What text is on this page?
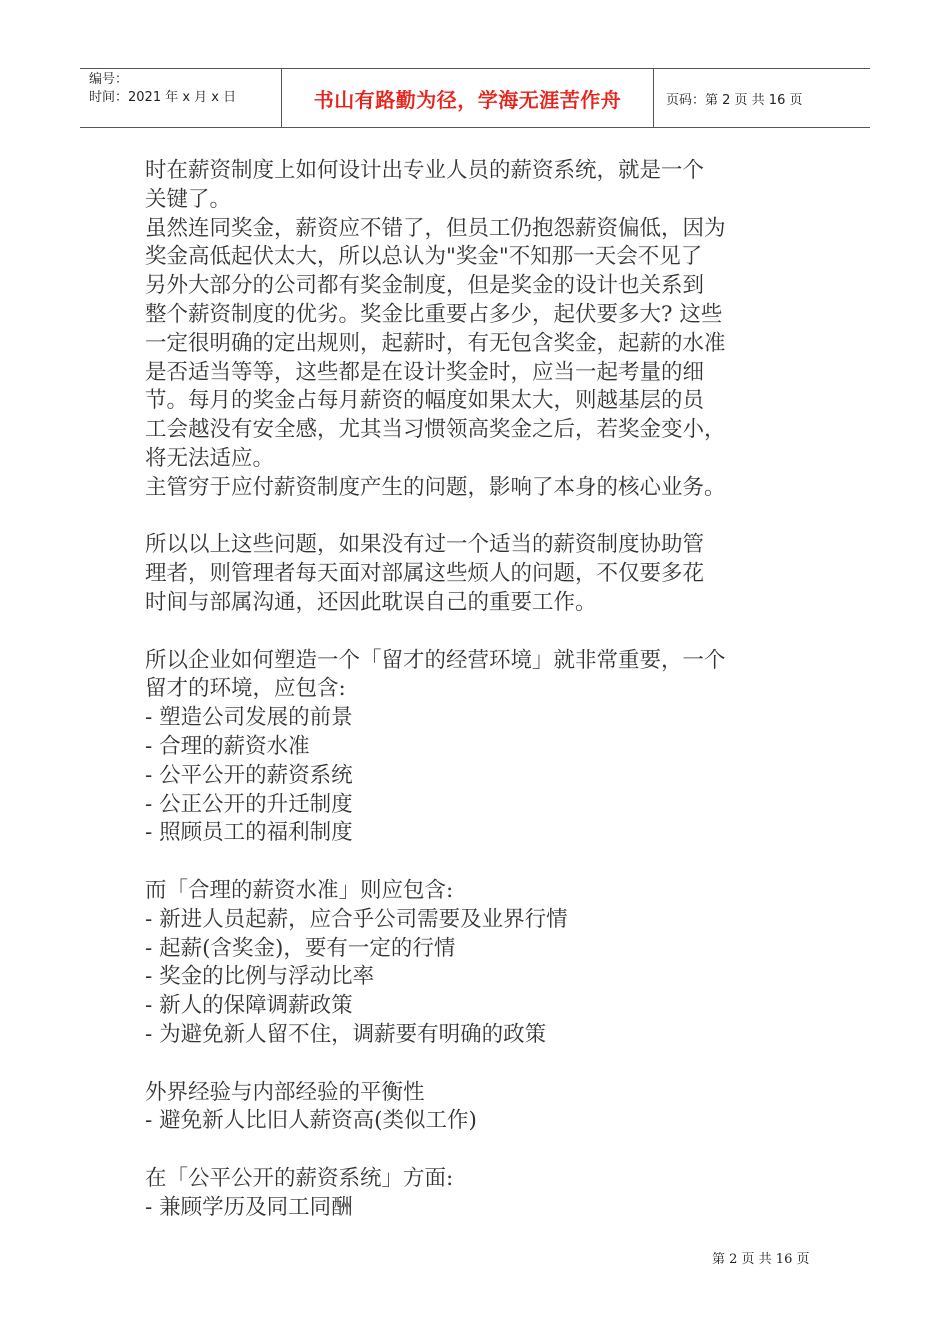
编号：
时间：2021 年 x 月 x 日	书山有路勤为径，学海无涯苦作舟	页码：第 2 页 共 16 页

时在薪资制度上如何设计出专业人员的薪资系统，就是一个

关键了。

虽然连同奖金，薪资应不错了，但员工仍抱怨薪资偏低，因为

奖金高低起伏太大，所以总认为"奖金"不知那一天会不见了

另外大部分的公司都有奖金制度，但是奖金的设计也关系到

整个薪资制度的优劣。奖金比重要占多少，起伏要多大? 这些

一定很明确的定出规则，起薪时，有无包含奖金，起薪的水准

是否适当等等，这些都是在设计奖金时，应当一起考量的细

节。每月的奖金占每月薪资的幅度如果太大，则越基层的员

工会越没有安全感，尤其当习惯领高奖金之后，若奖金变小，

将无法适应。

主管穷于应付薪资制度产生的问题，影响了本身的核心业务。

所以以上这些问题，如果没有过一个适当的薪资制度协助管

理者，则管理者每天面对部属这些烦人的问题，不仅要多花

时间与部属沟通，还因此耽误自己的重要工作。

所以企业如何塑造一个「留才的经营环境」就非常重要，一个

留才的环境，应包含:

- 塑造公司发展的前景

- 合理的薪资水准

- 公平公开的薪资系统

- 公正公开的升迁制度

- 照顾员工的福利制度

而「合理的薪资水准」则应包含:

- 新进人员起薪，应合乎公司需要及业界行情

- 起薪(含奖金)，要有一定的行情

- 奖金的比例与浮动比率

- 新人的保障调薪政策

- 为避免新人留不住，调薪要有明确的政策

外界经验与内部经验的平衡性

- 避免新人比旧人薪资高(类似工作)

在「公平公开的薪资系统」方面:

- 兼顾学历及同工同酬

第 2 页 共 16 页
